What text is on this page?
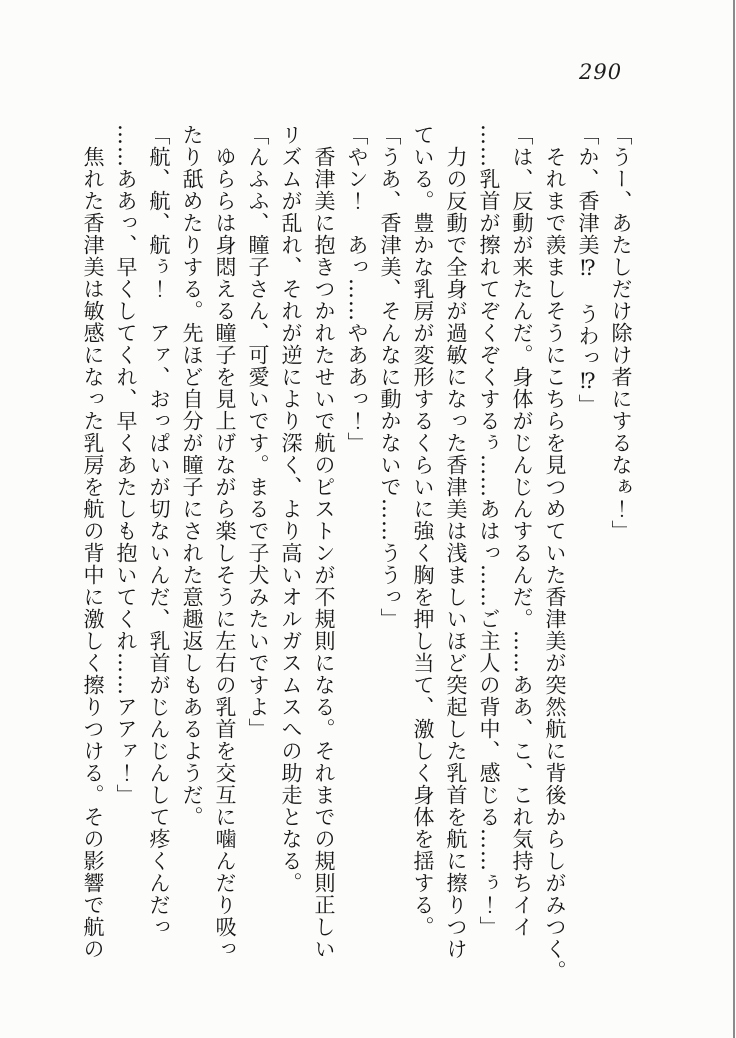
290

「うー、あたしだけ除け者にするなぁ！」

「か、香津美⁉　うわっ⁉」

　それまで羨ましそうにこちらを見つめていた香津美が突然航に背後からしがみつく。

「は、反動が来たんだ。身体がじんじんするんだ。……ああ、こ、これ気持ちイイ

……乳首が擦れてぞくぞくするぅ……あはっ……ご主人の背中、感じる……ぅ！」

　力の反動で全身が過敏になった香津美は浅ましいほど突起した乳首を航に擦りつけ

ている。豊かな乳房が変形するくらいに強く胸を押し当て、激しく身体を揺する。

「うあ、香津美、そんなに動かないで……ううっ」

「やン！　あっ……やああっ！」

　香津美に抱きつかれたせいで航のピストンが不規則になる。それまでの規則正しい

リズムが乱れ、それが逆により深く、より高いオルガスムスへの助走となる。

「んふふ、瞳子さん、可愛いです。まるで子犬みたいですよ」

　ゆららは身悶える瞳子を見上げながら楽しそうに左右の乳首を交互に噛んだり吸っ

たり舐めたりする。先ほど自分が瞳子にされた意趣返しもあるようだ。

「航、航、航ぅ！　アァ、おっぱいが切ないんだ、乳首がじんじんして疼くんだっ

……ああっ、早くしてくれ、早くあたしも抱いてくれ……アアァ！」

　焦れた香津美は敏感になった乳房を航の背中に激しく擦りつける。その影響で航の
